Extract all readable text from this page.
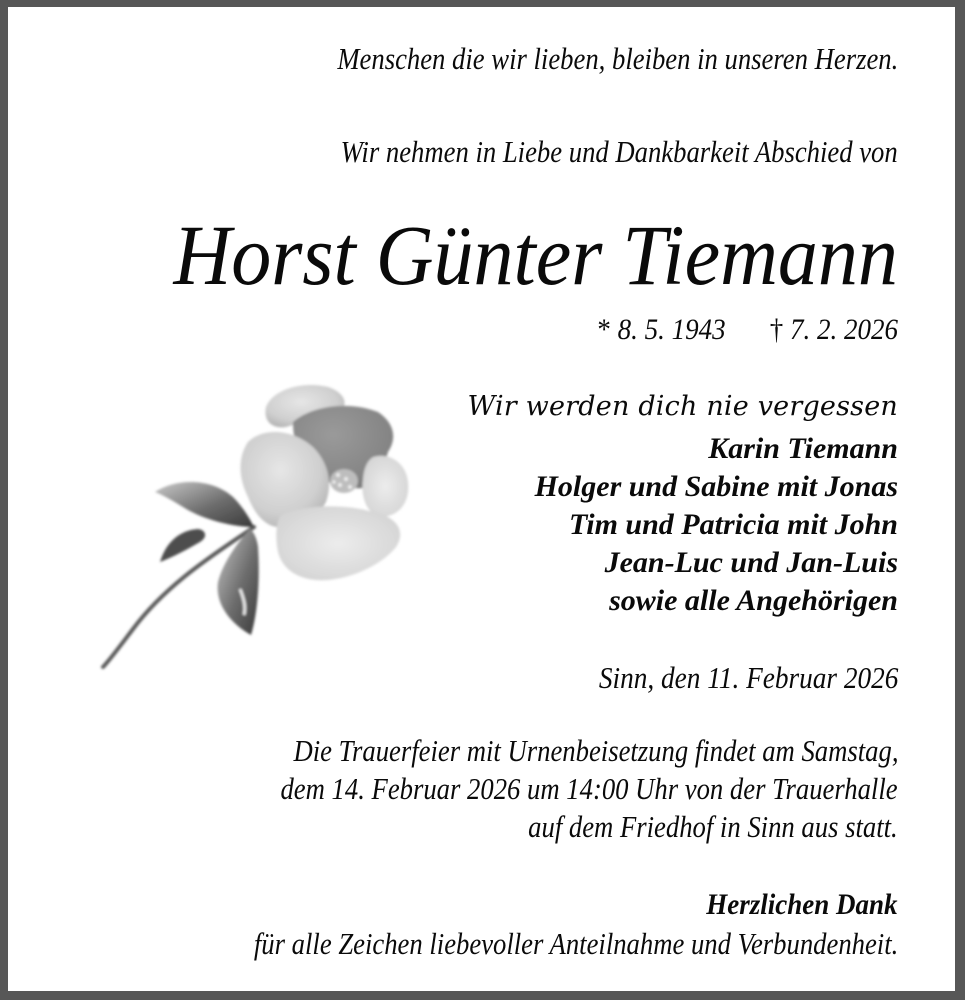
Menschen die wir lieben, bleiben in unseren Herzen.
Wir nehmen in Liebe und Dankbarkeit Abschied von
Horst Günter Tiemann
* 8. 5. 1943 † 7. 2. 2026
Wir werden dich nie vergessen
Karin Tiemann
Holger und Sabine mit Jonas
Tim und Patricia mit John
Jean-Luc und Jan-Luis
sowie alle Angehörigen
Sinn, den 11. Februar 2026
Die Trauerfeier mit Urnenbeisetzung findet am Samstag,
dem 14. Februar 2026 um 14:00 Uhr von der Trauerhalle
auf dem Friedhof in Sinn aus statt.
Herzlichen Dank
für alle Zeichen liebevoller Anteilnahme und Verbundenheit.
